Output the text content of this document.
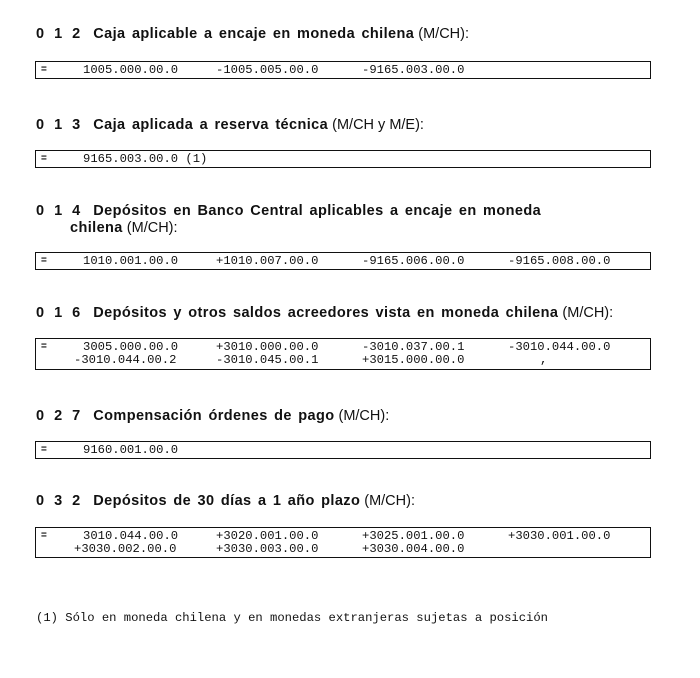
0 1 2 Caja aplicable a encaje en moneda chilena (M/CH):
=	1005.000.00.0	-1005.005.00.0	-9165.003.00.0
0 1 3 Caja aplicada a reserva técnica (M/CH y M/E):
=	9165.003.00.0 (1)
0 1 4 Depósitos en Banco Central aplicables a encaje en moneda
chilena (M/CH):
=	1010.001.00.0	+1010.007.00.0	-9165.006.00.0	-9165.008.00.0
0 1 6 Depósitos y otros saldos acreedores vista en moneda chilena (M/CH):
=	3005.000.00.0	+3010.000.00.0	-3010.037.00.1	-3010.044.00.0
-3010.044.00.2	-3010.045.00.1	+3015.000.00.0	,
0 2 7 Compensación órdenes de pago (M/CH):
=	9160.001.00.0
0 3 2 Depósitos de 30 días a 1 año plazo (M/CH):
=	3010.044.00.0	+3020.001.00.0	+3025.001.00.0	+3030.001.00.0
+3030.002.00.0	+3030.003.00.0	+3030.004.00.0
(1) Sólo en moneda chilena y en monedas extranjeras sujetas a posición
